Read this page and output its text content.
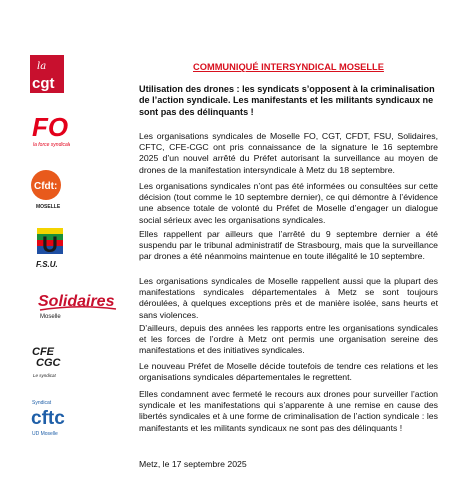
la
cgt
FO
la force syndicale
Cfdt:
MOSELLE
U
F.S.U.
Solidaires
Moselle
CFE
CGC
Le syndicat
Syndicat
cftc
UD Moselle
COMMUNIQUÉ INTERSYNDICAL MOSELLE
Utilisation des drones : les syndicats s’opposent à la criminalisation de l’action syndicale. Les manifestants et les militants syndicaux ne sont pas des délinquants !
Les organisations syndicales de Moselle FO, CGT, CFDT, FSU, Solidaires, CFTC, CFE-CGC ont pris connaissance de la signature le 16 septembre 2025 d’un nouvel arrêté du Préfet autorisant la surveillance au moyen de drones de la manifestation intersyndicale à Metz du 18 septembre.
Les organisations syndicales n’ont pas été informées ou consultées sur cette décision (tout comme le 10 septembre dernier), ce qui démontre à l’évidence une absence totale de volonté du Préfet de Moselle d’engager un dialogue social sérieux avec les organisations syndicales.
Elles rappellent par ailleurs que l’arrêté du 9 septembre dernier a été suspendu par le tribunal administratif de Strasbourg, mais que la surveillance par drones a été néanmoins maintenue en toute illégalité le 10 septembre.
Les organisations syndicales de Moselle rappellent aussi que la plupart des manifestations syndicales départementales à Metz se sont toujours déroulées, à quelques exceptions près et de manière isolée, sans heurts et sans violences.
D’ailleurs, depuis des années les rapports entre les organisations syndicales et les forces de l’ordre à Metz ont permis une organisation sereine des manifestations et des initiatives syndicales.
Le nouveau Préfet de Moselle décide toutefois de tendre ces relations et les organisations syndicales départementales le regrettent.
Elles condamnent avec fermeté le recours aux drones pour surveiller l’action syndicale et les manifestations qui s’apparente à une remise en cause des libertés syndicales et à une forme de criminalisation de l’action syndicale : les manifestants et les militants syndicaux ne sont pas des délinquants !
Metz, le 17 septembre 2025
